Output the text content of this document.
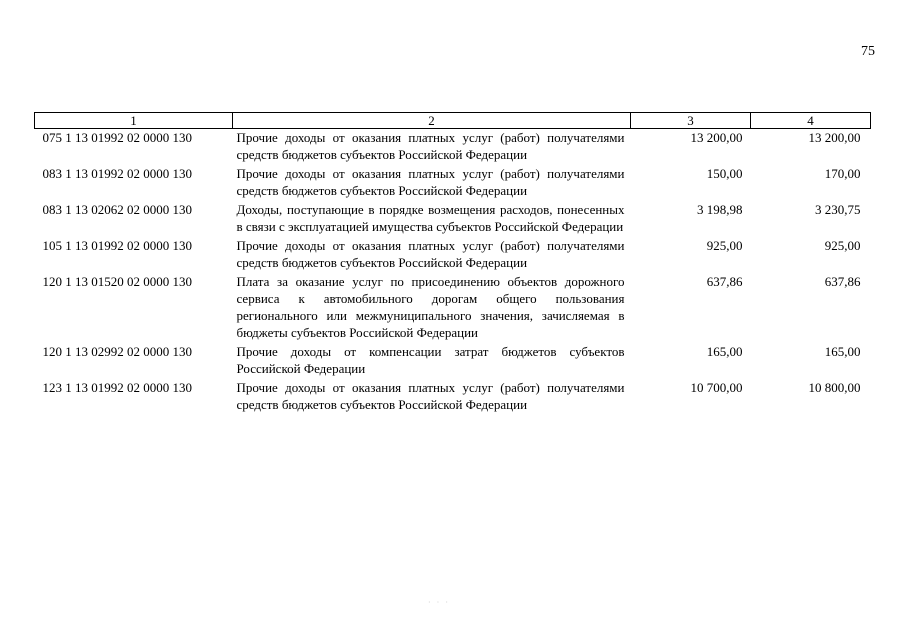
75
1	2	3	4
075 1 13 01992 02 0000 130	Прочие доходы от оказания платных услуг (работ) получателями средств бюджетов субъектов Российской Федерации	13 200,00	13 200,00
083 1 13 01992 02 0000 130	Прочие доходы от оказания платных услуг (работ) получателями средств бюджетов субъектов Российской Федерации	150,00	170,00
083 1 13 02062 02 0000 130	Доходы, поступающие в порядке возмещения расходов, понесенных в связи с эксплуатацией имущества субъектов Российской Федерации	3 198,98	3 230,75
105 1 13 01992 02 0000 130	Прочие доходы от оказания платных услуг (работ) получателями средств бюджетов субъектов Российской Федерации	925,00	925,00
120 1 13 01520 02 0000 130	Плата за оказание услуг по присоединению объектов дорожного сервиса к автомобильного дорогам общего пользования регионального или межмуниципального значения, зачисляемая в бюджеты субъектов Российской Федерации	637,86	637,86
120 1 13 02992 02 0000 130	Прочие доходы от компенсации затрат бюджетов субъектов Российской Федерации	165,00	165,00
123 1 13 01992 02 0000 130	Прочие доходы от оказания платных услуг (работ) получателями средств бюджетов субъектов Российской Федерации	10 700,00	10 800,00
· · ·
